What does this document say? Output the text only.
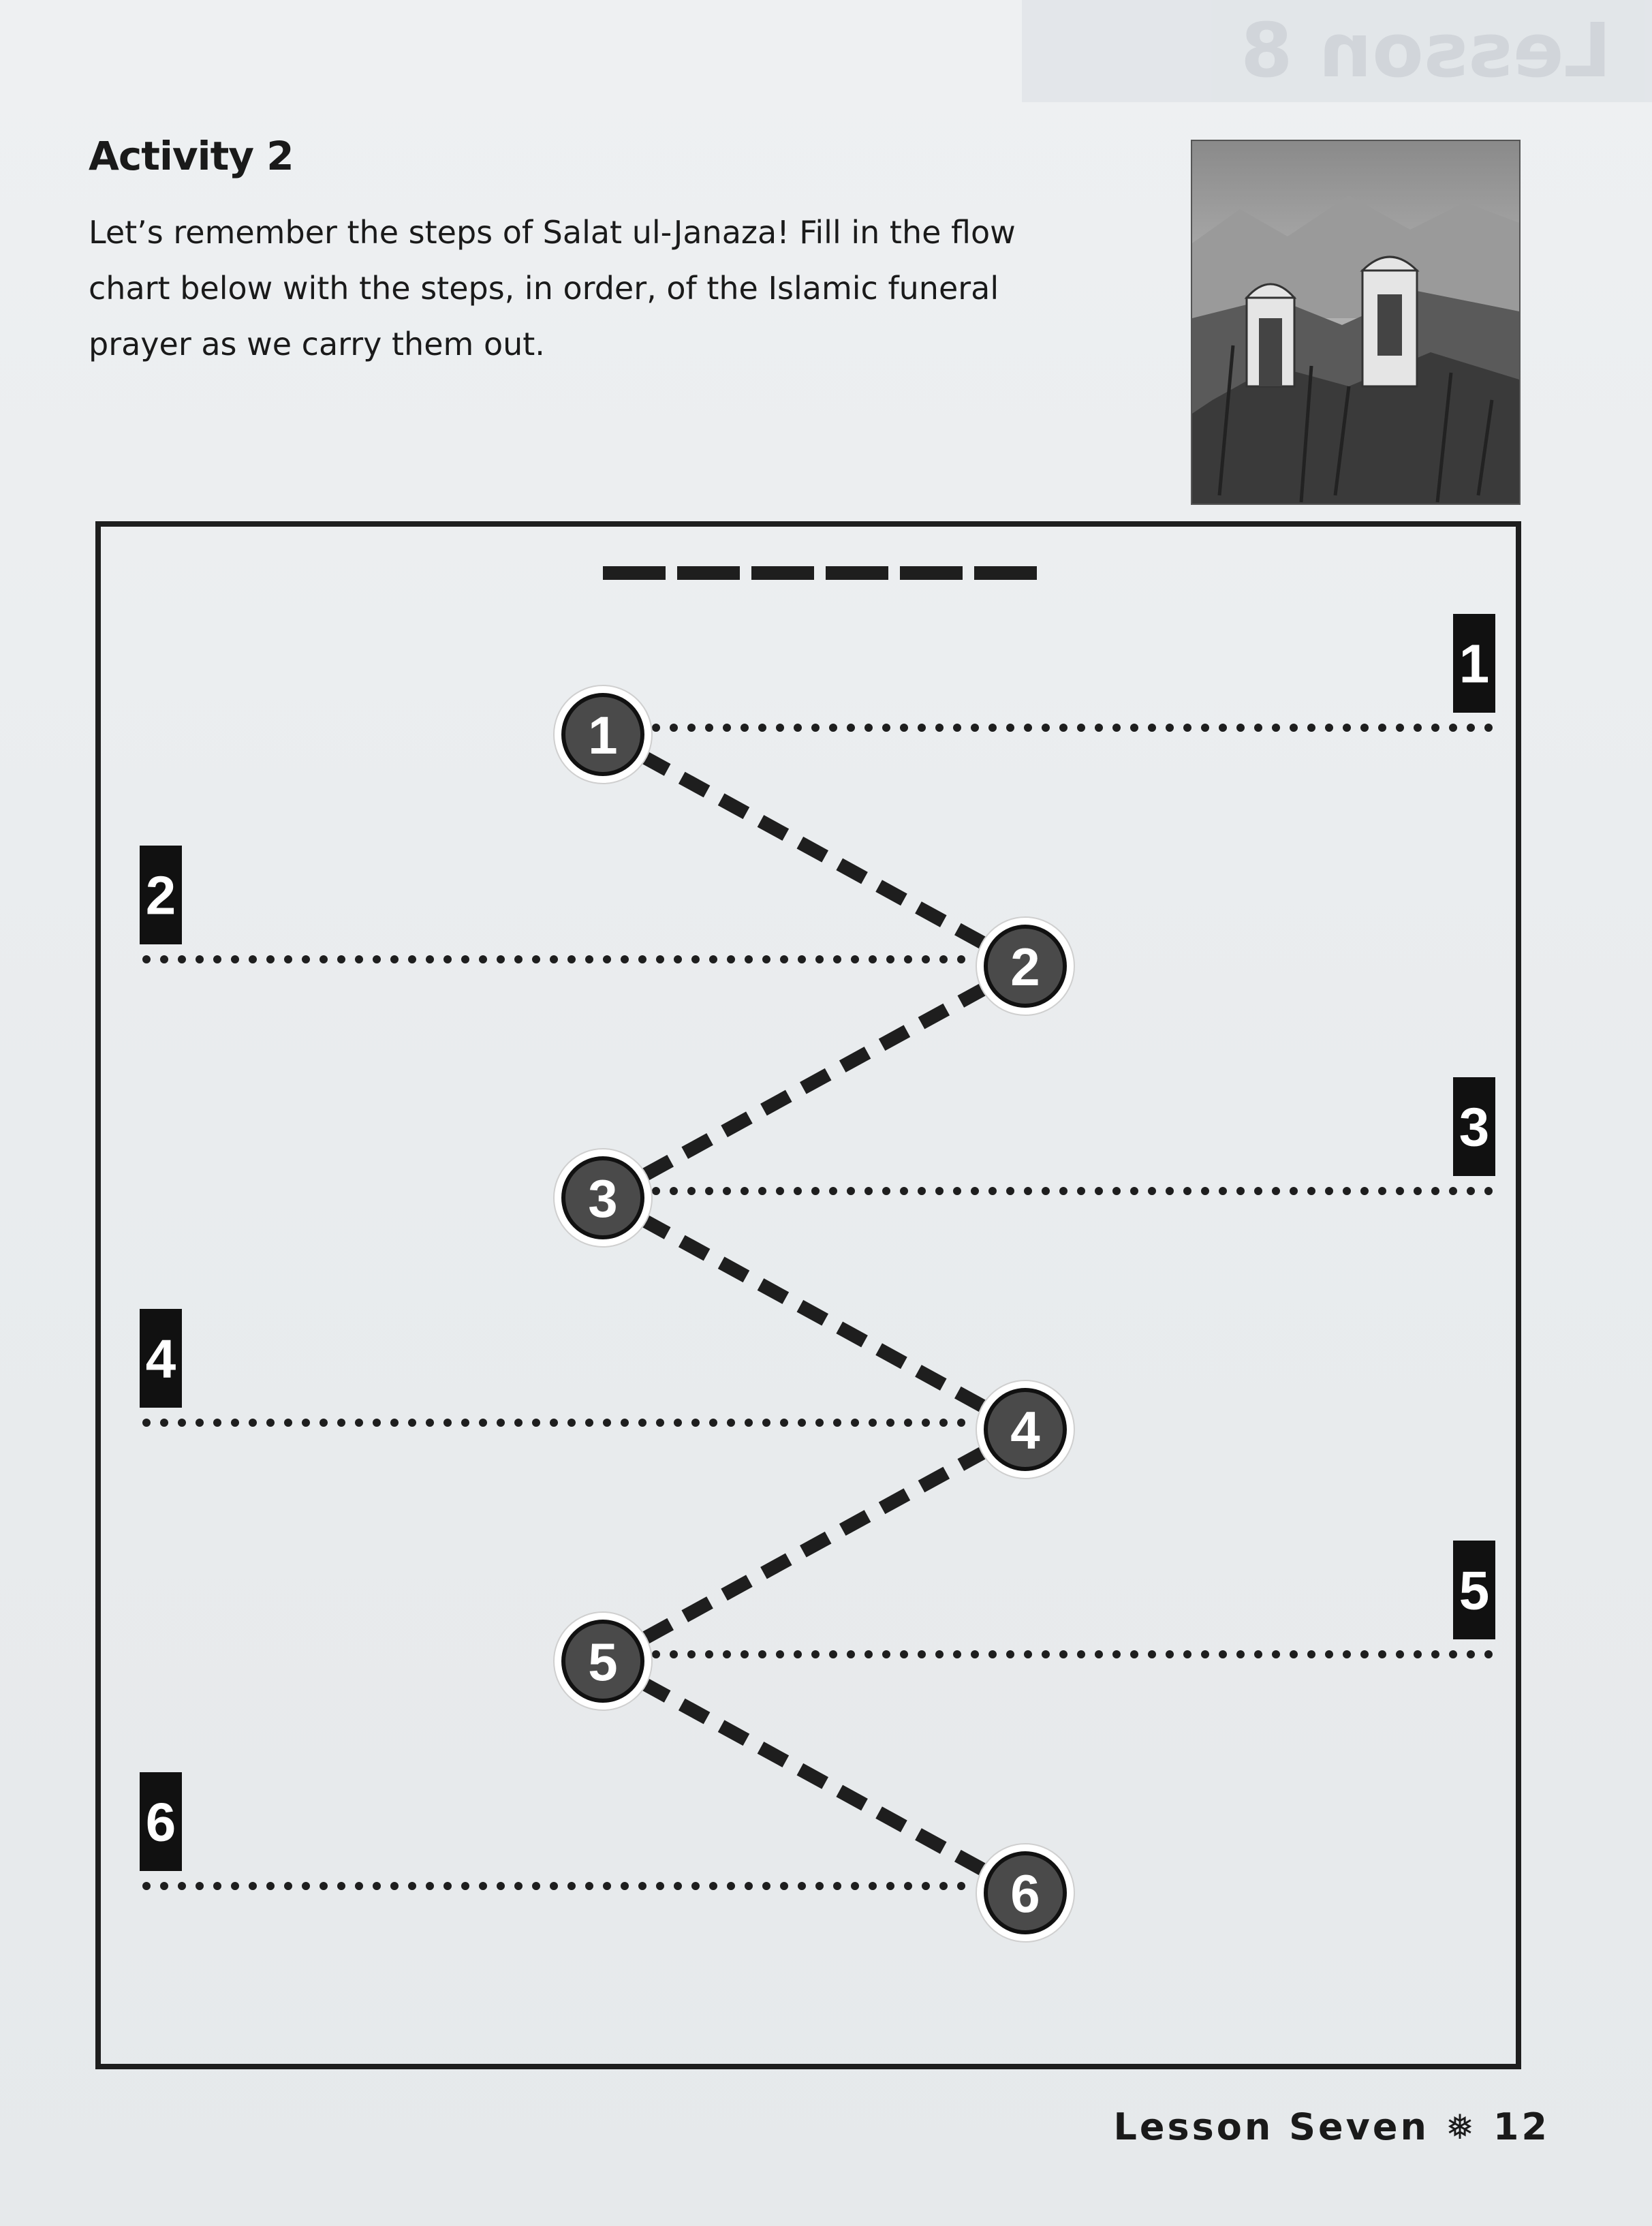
Lesson 8
Activity 2
Let’s remember the steps of Salat ul-Janaza! Fill in the flow
chart below with the steps, in order, of the Islamic funeral
prayer as we carry them out.
1
2
3
4
5
6
1
2
3
4
5
6
Lesson Seven ❅ 12
